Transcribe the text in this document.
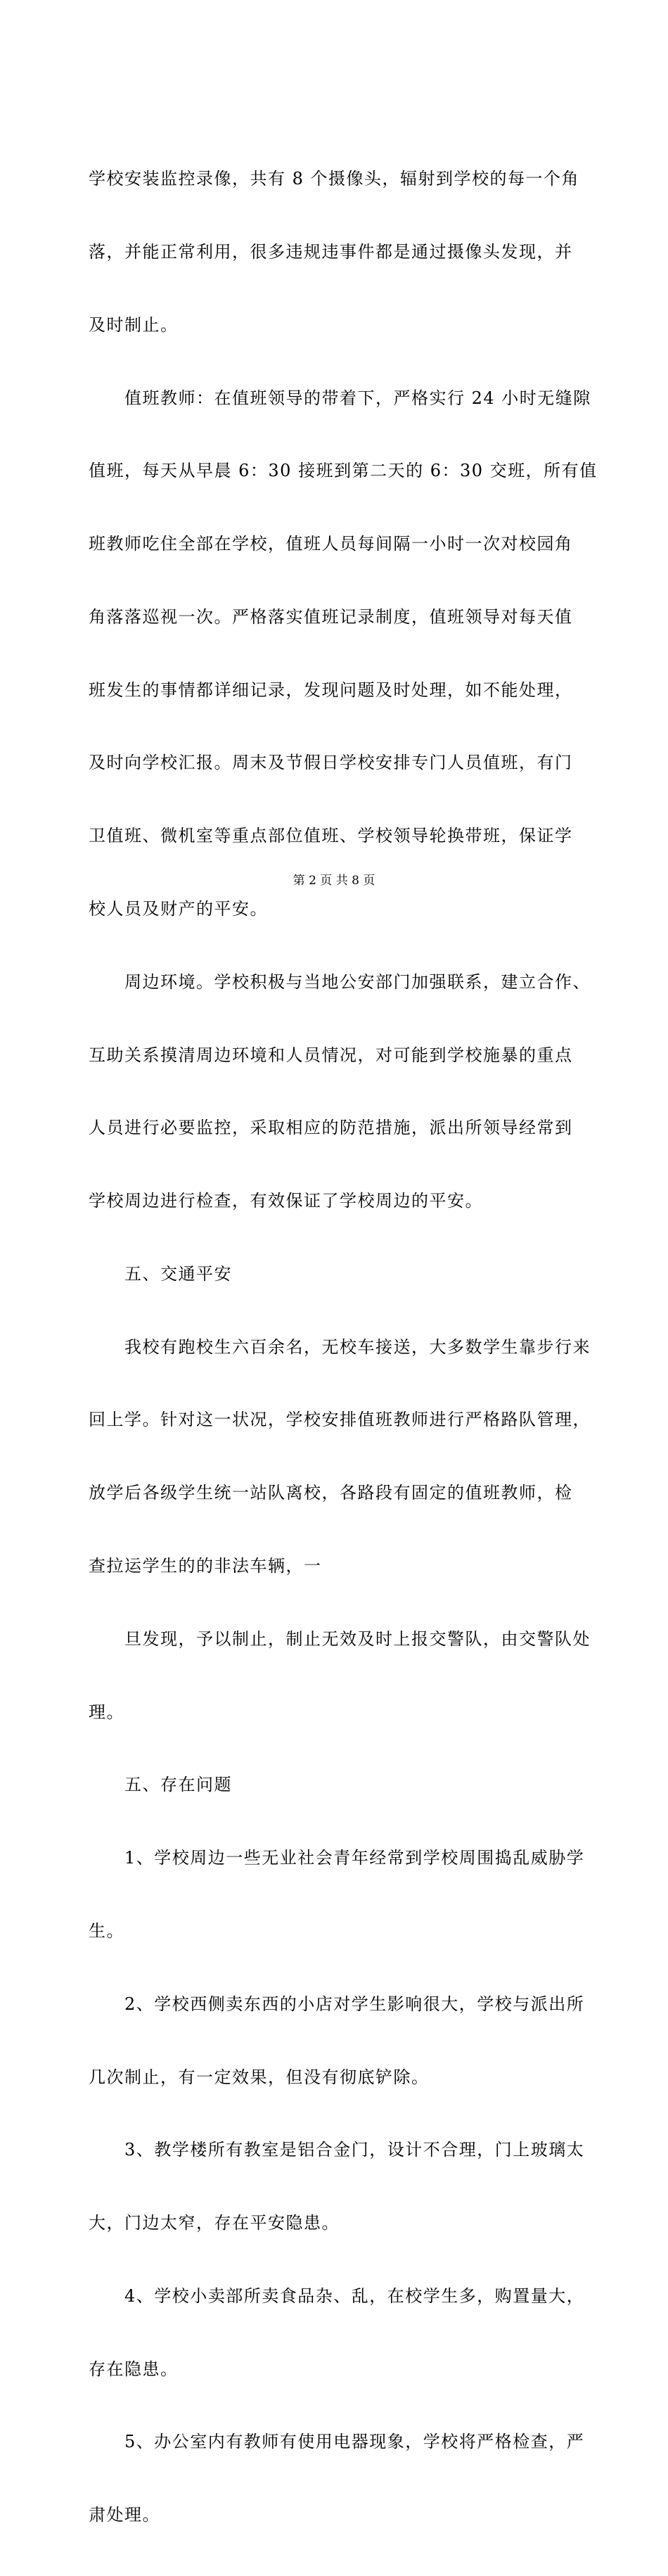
学校安装监控录像，共有 8 个摄像头，辐射到学校的每一个角

落，并能正常利用，很多违规违事件都是通过摄像头发现，并

及时制止。

　　值班教师：在值班领导的带着下，严格实行 24 小时无缝隙

值班，每天从早晨 6：30 接班到第二天的 6：30 交班，所有值

班教师吃住全部在学校，值班人员每间隔一小时一次对校园角

角落落巡视一次。严格落实值班记录制度，值班领导对每天值

班发生的事情都详细记录，发现问题及时处理，如不能处理，

及时向学校汇报。周末及节假日学校安排专门人员值班，有门

卫值班、微机室等重点部位值班、学校领导轮换带班，保证学

校人员及财产的平安。

　　周边环境。学校积极与当地公安部门加强联系，建立合作、

互助关系摸清周边环境和人员情况，对可能到学校施暴的重点

人员进行必要监控，采取相应的防范措施，派出所领导经常到

学校周边进行检查，有效保证了学校周边的平安。

　　五、交通平安

　　我校有跑校生六百余名，无校车接送，大多数学生靠步行来

回上学。针对这一状况，学校安排值班教师进行严格路队管理，

放学后各级学生统一站队离校，各路段有固定的值班教师，检

查拉运学生的的非法车辆，一

　　旦发现，予以制止，制止无效及时上报交警队，由交警队处

理。

　　五、存在问题

　　1、学校周边一些无业社会青年经常到学校周围捣乱威胁学

生。

　　2、学校西侧卖东西的小店对学生影响很大，学校与派出所

几次制止，有一定效果，但没有彻底铲除。

　　3、教学楼所有教室是铝合金门，设计不合理，门上玻璃太

大，门边太窄，存在平安隐患。

　　4、学校小卖部所卖食品杂、乱，在校学生多，购置量大，

存在隐患。

　　5、办公室内有教师有使用电器现象，学校将严格检查，严

肃处理。

第 2 页 共 8 页
